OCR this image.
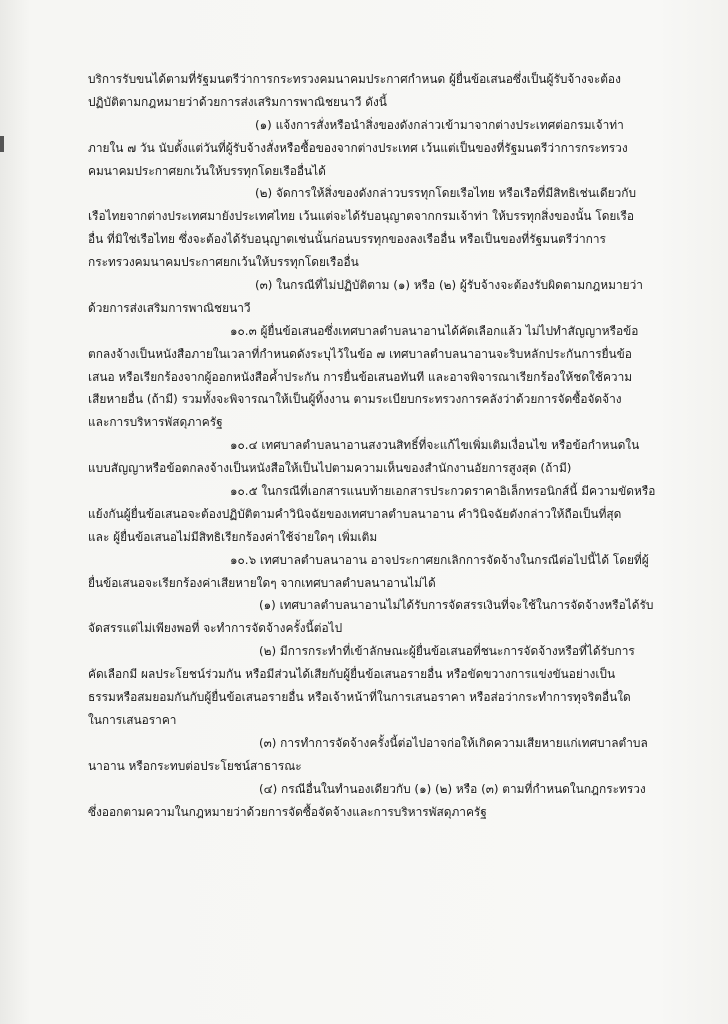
บริการรับขนได้ตามที่รัฐมนตรีว่าการกระทรวงคมนาคมประกาศกำหนด ผู้ยื่นข้อเสนอซึ่งเป็นผู้รับจ้างจะต้อง
ปฏิบัติตามกฎหมายว่าด้วยการส่งเสริมการพาณิชยนาวี ดังนี้
(๑) แจ้งการสั่งหรือนำสิ่งของดังกล่าวเข้ามาจากต่างประเทศต่อกรมเจ้าท่า
ภายใน ๗ วัน นับตั้งแต่วันที่ผู้รับจ้างสั่งหรือซื้อของจากต่างประเทศ เว้นแต่เป็นของที่รัฐมนตรีว่าการกระทรวง
คมนาคมประกาศยกเว้นให้บรรทุกโดยเรืออื่นได้
(๒) จัดการให้สิ่งของดังกล่าวบรรทุกโดยเรือไทย หรือเรือที่มีสิทธิเช่นเดียวกับ
เรือไทยจากต่างประเทศมายังประเทศไทย เว้นแต่จะได้รับอนุญาตจากกรมเจ้าท่า ให้บรรทุกสิ่งของนั้น โดยเรือ
อื่น ที่มิใช่เรือไทย ซึ่งจะต้องได้รับอนุญาตเช่นนั้นก่อนบรรทุกของลงเรืออื่น หรือเป็นของที่รัฐมนตรีว่าการ
กระทรวงคมนาคมประกาศยกเว้นให้บรรทุกโดยเรืออื่น
(๓) ในกรณีที่ไม่ปฏิบัติตาม (๑) หรือ (๒) ผู้รับจ้างจะต้องรับผิดตามกฎหมายว่า
ด้วยการส่งเสริมการพาณิชยนาวี
๑๐.๓ ผู้ยื่นข้อเสนอซึ่งเทศบาลตำบลนาอานได้คัดเลือกแล้ว ไม่ไปทำสัญญาหรือข้อ
ตกลงจ้างเป็นหนังสือภายในเวลาที่กำหนดดังระบุไว้ในข้อ ๗ เทศบาลตำบลนาอานจะริบหลักประกันการยื่นข้อ
เสนอ หรือเรียกร้องจากผู้ออกหนังสือค้ำประกัน การยื่นข้อเสนอทันที และอาจพิจารณาเรียกร้องให้ชดใช้ความ
เสียหายอื่น (ถ้ามี) รวมทั้งจะพิจารณาให้เป็นผู้ทิ้งงาน ตามระเบียบกระทรวงการคลังว่าด้วยการจัดซื้อจัดจ้าง
และการบริหารพัสดุภาครัฐ
๑๐.๔ เทศบาลตำบลนาอานสงวนสิทธิ์ที่จะแก้ไขเพิ่มเติมเงื่อนไข หรือข้อกำหนดใน
แบบสัญญาหรือข้อตกลงจ้างเป็นหนังสือให้เป็นไปตามความเห็นของสำนักงานอัยการสูงสุด (ถ้ามี)
๑๐.๕ ในกรณีที่เอกสารแนบท้ายเอกสารประกวดราคาอิเล็กทรอนิกส์นี้ มีความขัดหรือ
แย้งกันผู้ยื่นข้อเสนอจะต้องปฏิบัติตามคำวินิจฉัยของเทศบาลตำบลนาอาน คำวินิจฉัยดังกล่าวให้ถือเป็นที่สุด
และ ผู้ยื่นข้อเสนอไม่มีสิทธิเรียกร้องค่าใช้จ่ายใดๆ เพิ่มเติม
๑๐.๖ เทศบาลตำบลนาอาน อาจประกาศยกเลิกการจัดจ้างในกรณีต่อไปนี้ได้ โดยที่ผู้
ยื่นข้อเสนอจะเรียกร้องค่าเสียหายใดๆ จากเทศบาลตำบลนาอานไม่ได้
(๑) เทศบาลตำบลนาอานไม่ได้รับการจัดสรรเงินที่จะใช้ในการจัดจ้างหรือได้รับ
จัดสรรแต่ไม่เพียงพอที่ จะทำการจัดจ้างครั้งนี้ต่อไป
(๒) มีการกระทำที่เข้าลักษณะผู้ยื่นข้อเสนอที่ชนะการจัดจ้างหรือที่ได้รับการ
คัดเลือกมี ผลประโยชน์ร่วมกัน หรือมีส่วนได้เสียกับผู้ยื่นข้อเสนอรายอื่น หรือขัดขวางการแข่งขันอย่างเป็น
ธรรมหรือสมยอมกันกับผู้ยื่นข้อเสนอรายอื่น หรือเจ้าหน้าที่ในการเสนอราคา หรือส่อว่ากระทำการทุจริตอื่นใด
ในการเสนอราคา
(๓) การทำการจัดจ้างครั้งนี้ต่อไปอาจก่อให้เกิดความเสียหายแก่เทศบาลตำบล
นาอาน หรือกระทบต่อประโยชน์สาธารณะ
(๔) กรณีอื่นในทำนองเดียวกับ (๑) (๒) หรือ (๓) ตามที่กำหนดในกฎกระทรวง
ซึ่งออกตามความในกฎหมายว่าด้วยการจัดซื้อจัดจ้างและการบริหารพัสดุภาครัฐ
